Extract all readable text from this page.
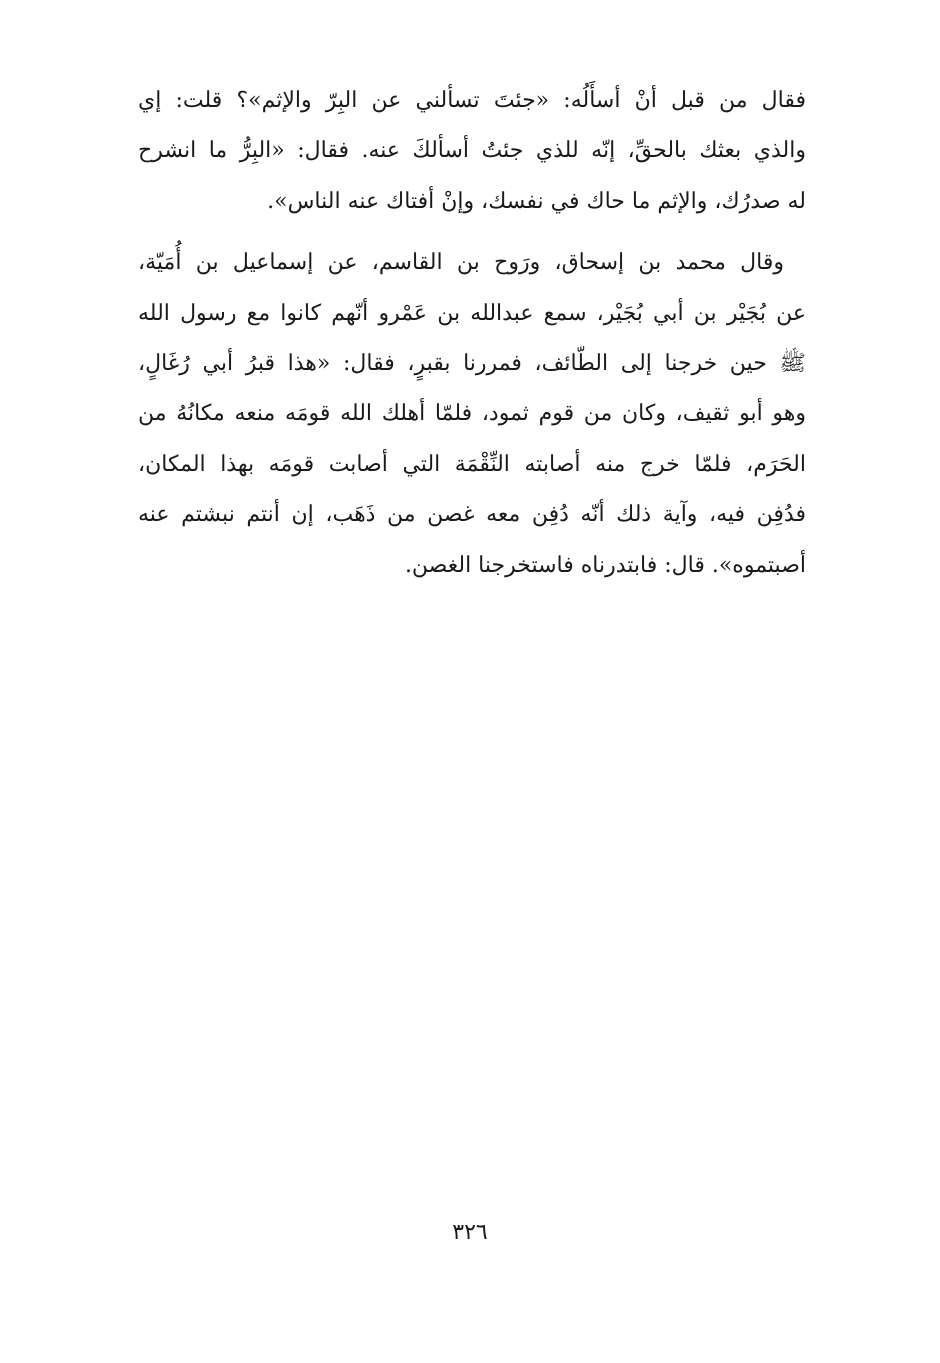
فقال من قبل أنْ أسأَلُه: «جئتَ تسألني عن البِرّ والإثم»؟ قلت: إي
والذي بعثك بالحقِّ، إنّه للذي جئتُ أسألكَ عنه. فقال: «البِرُّ ما انشرح
له صدرُك، والإثم ما حاك في نفسك، وإنْ أفتاك عنه الناس».
وقال محمد بن إسحاق، ورَوح بن القاسم، عن إسماعيل بن أُمَيّة،
عن بُجَيْر بن أبي بُجَيْر، سمع عبدالله بن عَمْرو أنّهم كانوا مع رسول الله
ﷺ حين خرجنا إلى الطّائف، فمررنا بقبرٍ، فقال: «هذا قبرُ أبي رُغَالٍ،
وهو أبو ثقيف، وكان من قوم ثمود، فلمّا أهلك الله قومَه منعه مكانُهُ من
الحَرَم، فلمّا خرج منه أصابته النِّقْمَة التي أصابت قومَه بهذا المكان،
فدُفِن فيه، وآية ذلك أنّه دُفِن معه غصن من ذَهَب، إن أنتم نبشتم عنه
أصبتموه». قال: فابتدرناه فاستخرجنا الغصن.
٣٢٦
